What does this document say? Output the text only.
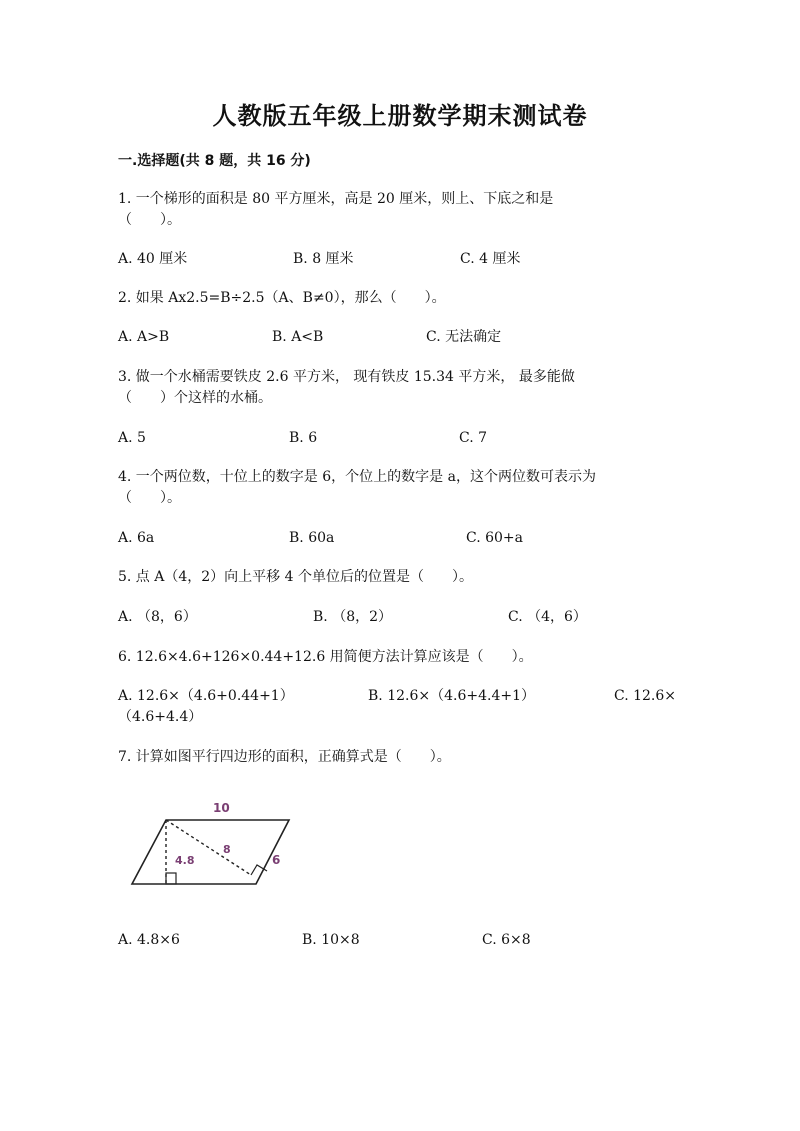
人教版五年级上册数学期末测试卷
一.选择题(共 8 题，共 16 分)
1. 一个梯形的面积是 80 平方厘米，高是 20 厘米，则上、下底之和是
（　　）。
A. 40 厘米	B. 8 厘米	C. 4 厘米
2. 如果 Ax2.5=B÷2.5（A、B≠0），那么（　　）。
A. A>B	B. A<B	C. 无法确定
3. 做一个水桶需要铁皮 2.6 平方米， 现有铁皮 15.34 平方米， 最多能做
（　　）个这样的水桶。
A. 5	B. 6	C. 7
4. 一个两位数，十位上的数字是 6，个位上的数字是 a，这个两位数可表示为
（　　）。
A. 6a	B. 60a	C. 60+a
5. 点 A（4，2）向上平移 4 个单位后的位置是（　　）。
A. （8，6）	B. （8，2）	C. （4，6）
6. 12.6×4.6+126×0.44+12.6 用简便方法计算应该是（　　）。
A. 12.6×（4.6+0.44+1）	B. 12.6×（4.6+4.4+1）	C. 12.6×
（4.6+4.4）
7. 计算如图平行四边形的面积，正确算式是（　　）。
10
8
4.8	6
A. 4.8×6	B. 10×8	C. 6×8
